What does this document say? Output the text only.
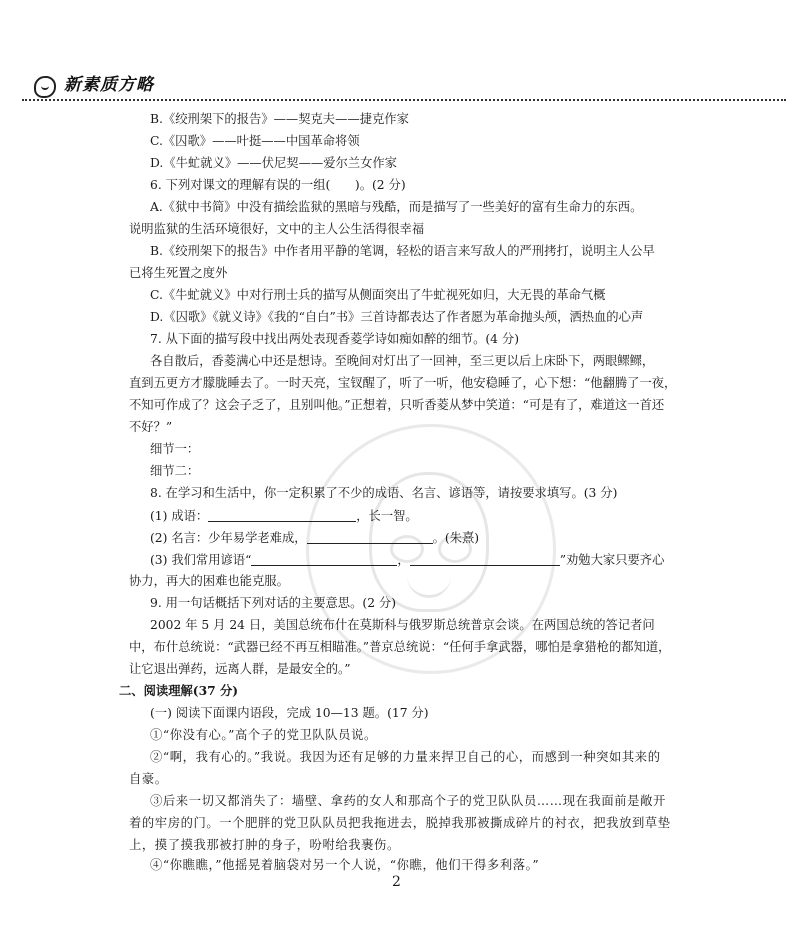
新素质方略
B.《绞刑架下的报告》——契克夫——捷克作家
C.《囚歌》——叶挺——中国革命将领
D.《牛虻就义》——伏尼契——爱尔兰女作家
6. 下列对课文的理解有误的一组(　　)。(2 分)
A.《狱中书简》中没有描绘监狱的黑暗与残酷，而是描写了一些美好的富有生命力的东西。
说明监狱的生活环境很好，文中的主人公生活得很幸福
B.《绞刑架下的报告》中作者用平静的笔调，轻松的语言来写敌人的严刑拷打，说明主人公早
已将生死置之度外
C.《牛虻就义》中对行刑士兵的描写从侧面突出了牛虻视死如归，大无畏的革命气概
D.《囚歌》《就义诗》《我的“自白”书》三首诗都表达了作者愿为革命抛头颅，洒热血的心声
7. 从下面的描写段中找出两处表现香菱学诗如痴如醉的细节。(4 分)
各自散后，香菱满心中还是想诗。至晚间对灯出了一回神，至三更以后上床卧下，两眼鳏鳏，
直到五更方才朦胧睡去了。一时天亮，宝钗醒了，听了一听，他安稳睡了，心下想：“他翻腾了一夜，
不知可作成了？这会子乏了，且别叫他。”正想着，只听香菱从梦中笑道：“可是有了，难道这一首还
不好？”
细节一：
细节二：
8. 在学习和生活中，你一定积累了不少的成语、名言、谚语等，请按要求填写。(3 分)
(1) 成语：	，长一智。
(2) 名言：少年易学老难成，	。(朱熹)
(3) 我们常用谚语“	，	”劝勉大家只要齐心
协力，再大的困难也能克服。
9. 用一句话概括下列对话的主要意思。(2 分)
2002 年 5 月 24 日，美国总统布什在莫斯科与俄罗斯总统普京会谈。在两国总统的答记者问
中，布什总统说：“武器已经不再互相瞄准。”普京总统说：“任何手拿武器，哪怕是拿猎枪的都知道，
让它退出弹药，远离人群，是最安全的。”
二、阅读理解(37 分)
(一) 阅读下面课内语段，完成 10—13 题。(17 分)
①“你没有心。”高个子的党卫队队员说。
②“啊，我有心的。”我说。我因为还有足够的力量来捍卫自己的心，而感到一种突如其来的
自豪。
③后来一切又都消失了：墙壁、拿药的女人和那高个子的党卫队队员……现在我面前是敞开
着的牢房的门。一个肥胖的党卫队队员把我拖进去，脱掉我那被撕成碎片的衬衣，把我放到草垫
上，摸了摸我那被打肿的身子，吩咐给我裹伤。
④“你瞧瞧，”他摇晃着脑袋对另一个人说，“你瞧，他们干得多利落。”
2
